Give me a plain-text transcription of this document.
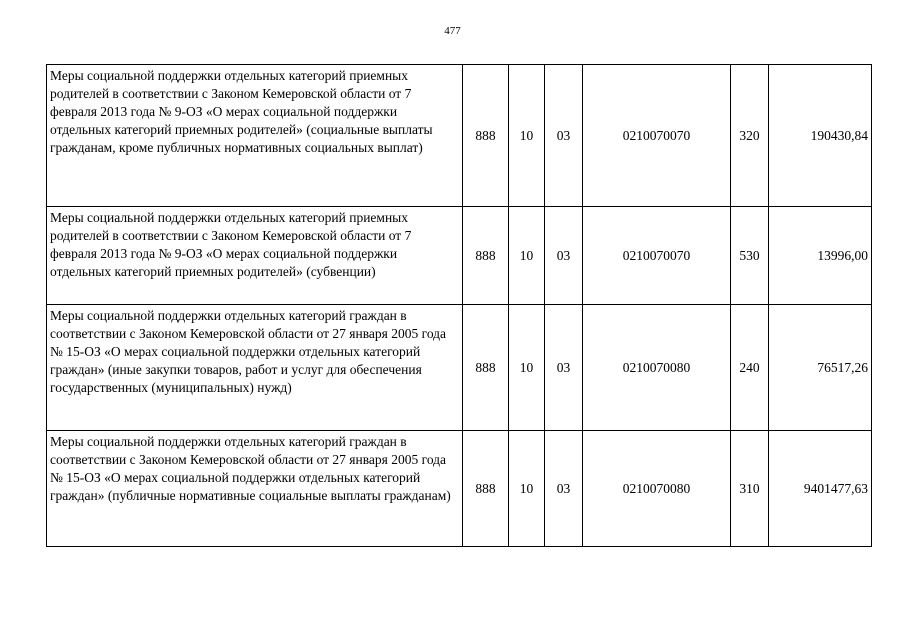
477
Меры социальной поддержки отдельных категорий приемных родителей в соответствии с Законом Кемеровской области от 7 февраля 2013 года № 9-ОЗ «О мерах социальной поддержки отдельных категорий приемных родителей» (социальные выплаты гражданам, кроме публичных нормативных социальных выплат)	888	10	03	0210070070	320	190430,84
Меры социальной поддержки отдельных категорий приемных родителей в соответствии с Законом Кемеровской области от 7 февраля 2013 года № 9-ОЗ «О мерах социальной поддержки отдельных категорий приемных родителей» (субвенции)	888	10	03	0210070070	530	13996,00
Меры социальной поддержки отдельных категорий граждан в соответствии с Законом Кемеровской области от 27 января 2005 года № 15-ОЗ «О мерах социальной поддержки отдельных категорий граждан» (иные закупки товаров, работ и услуг для обеспечения государственных (муниципальных) нужд)	888	10	03	0210070080	240	76517,26
Меры социальной поддержки отдельных категорий граждан в соответствии с Законом Кемеровской области от 27 января 2005 года № 15-ОЗ «О мерах социальной поддержки отдельных категорий граждан» (публичные нормативные социальные выплаты гражданам)	888	10	03	0210070080	310	9401477,63
